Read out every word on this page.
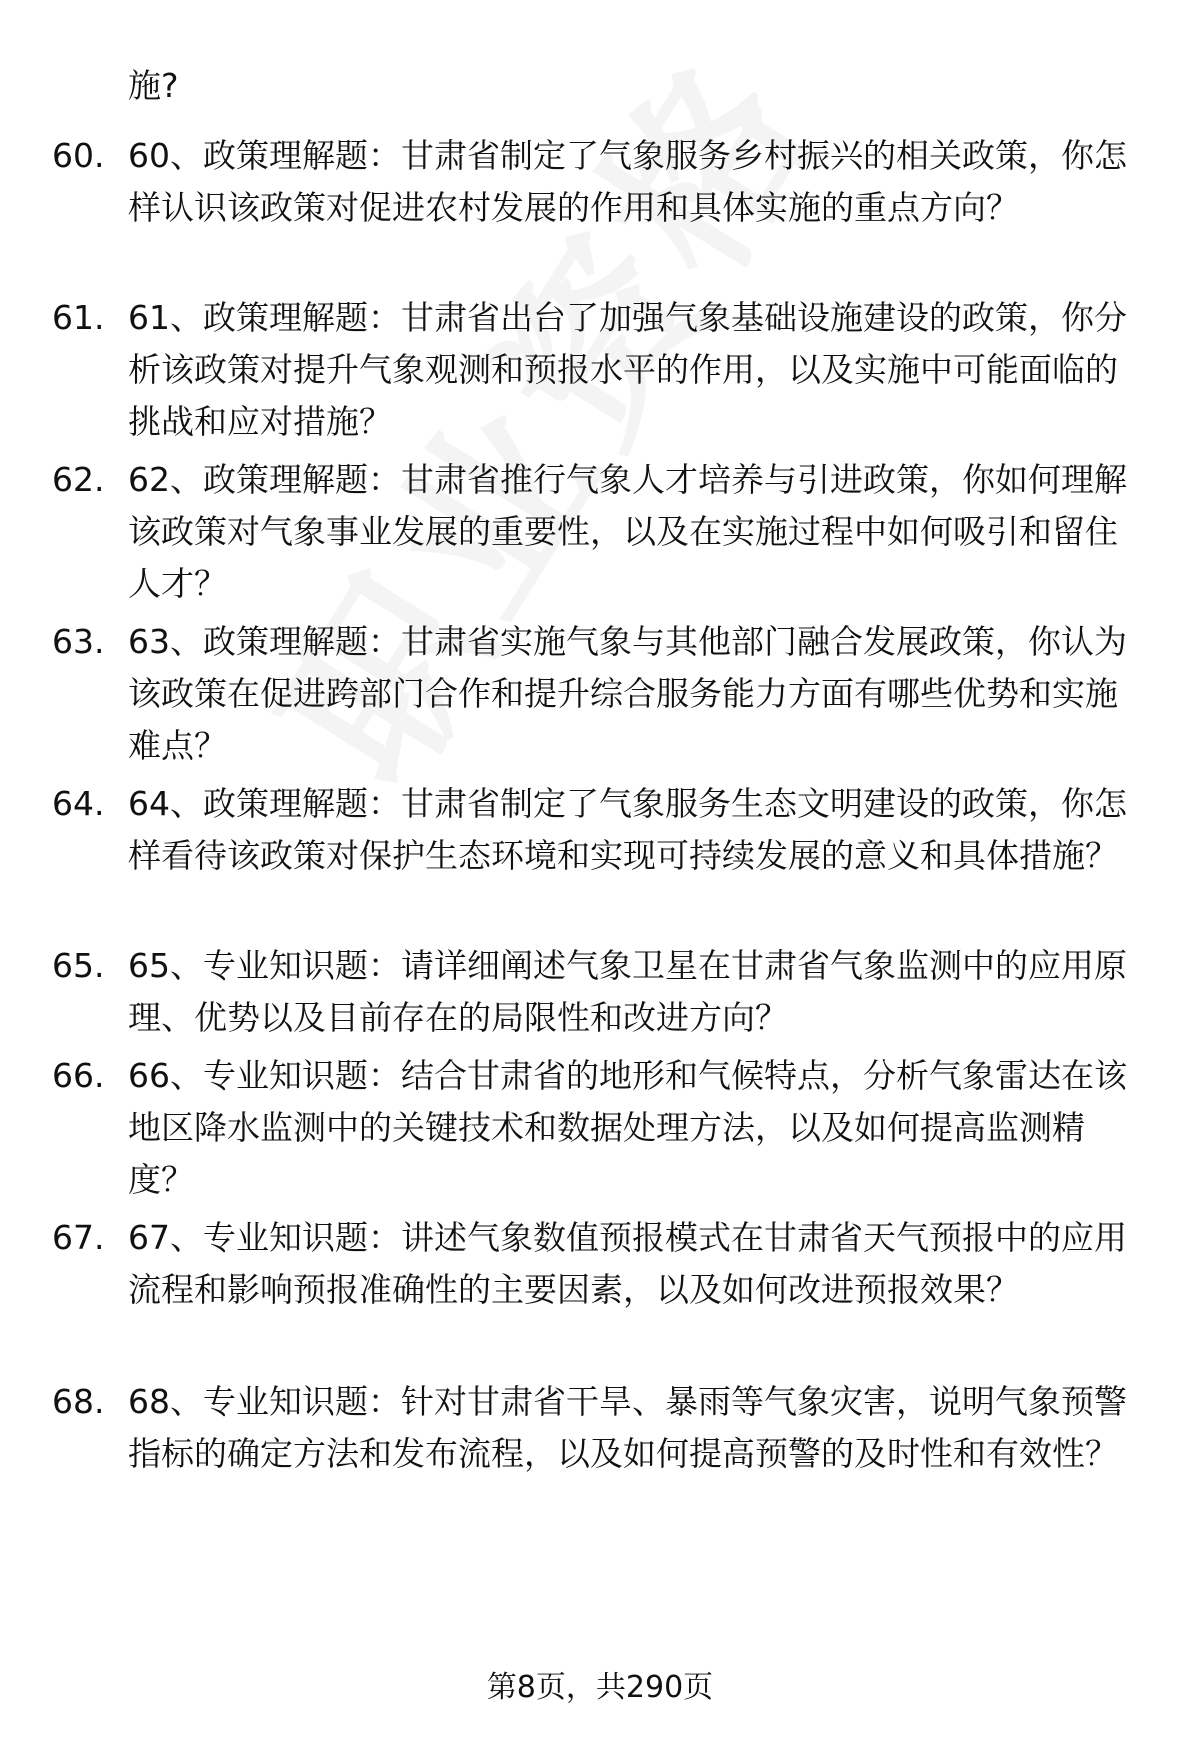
施?
60. 60、政策理解题：甘肃省制定了气象服务乡村振兴的相关政策，你怎样认识该政策对促进农村发展的作用和具体实施的重点方向？
61. 61、政策理解题：甘肃省出台了加强气象基础设施建设的政策，你分析该政策对提升气象观测和预报水平的作用，以及实施中可能面临的挑战和应对措施？
62. 62、政策理解题：甘肃省推行气象人才培养与引进政策，你如何理解该政策对气象事业发展的重要性，以及在实施过程中如何吸引和留住人才？
63. 63、政策理解题：甘肃省实施气象与其他部门融合发展政策，你认为该政策在促进跨部门合作和提升综合服务能力方面有哪些优势和实施难点？
64. 64、政策理解题：甘肃省制定了气象服务生态文明建设的政策，你怎样看待该政策对保护生态环境和实现可持续发展的意义和具体措施？
65. 65、专业知识题：请详细阐述气象卫星在甘肃省气象监测中的应用原理、优势以及目前存在的局限性和改进方向？
66. 66、专业知识题：结合甘肃省的地形和气候特点，分析气象雷达在该地区降水监测中的关键技术和数据处理方法，以及如何提高监测精度？
67. 67、专业知识题：讲述气象数值预报模式在甘肃省天气预报中的应用流程和影响预报准确性的主要因素，以及如何改进预报效果？
68. 68、专业知识题：针对甘肃省干旱、暴雨等气象灾害，说明气象预警指标的确定方法和发布流程，以及如何提高预警的及时性和有效性？
第8页，共290页
